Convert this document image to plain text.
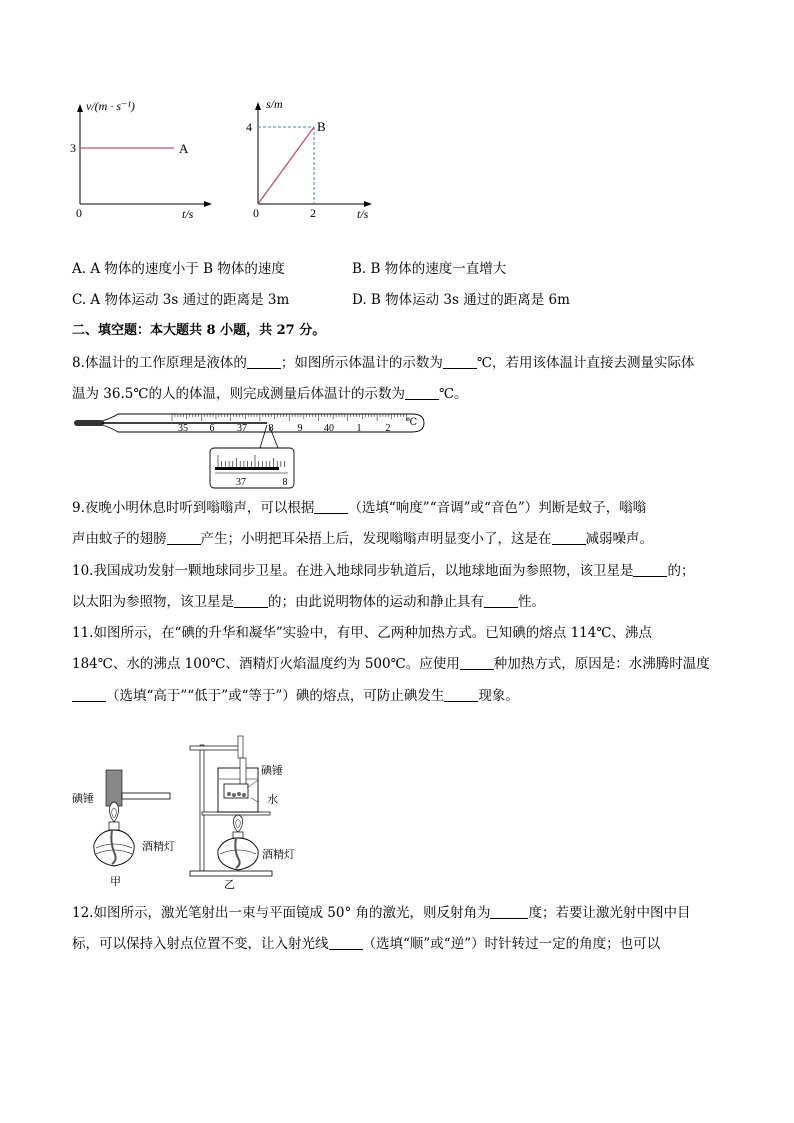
v/(m · s⁻¹)
3	A
0	t/s
s/m
4	B
0	2	t/s
A. A 物体的速度小于 B 物体的速度	B. B 物体的速度一直增大
C. A 物体运动 3s 通过的距离是 3m	D. B 物体运动 3s 通过的距离是 6m
二、填空题：本大题共 8 小题，共 27 分。
8.体温计的工作原理是液体的	；如图所示体温计的示数为	℃，若用该体温计直接去测量实际体
温为 36.5℃的人的体温，则完成测量后体温计的示数为	℃。
35 6 37 8 9 40 1 2
℃
37	8
9.夜晚小明休息时听到嗡嗡声，可以根据	（选填“响度”“音调”或“音色”）判断是蚊子，嗡嗡
声由蚊子的翅膀	产生；小明把耳朵捂上后，发现嗡嗡声明显变小了，这是在	减弱噪声。
10.我国成功发射一颗地球同步卫星。在进入地球同步轨道后，以地球地面为参照物，该卫星是	的；
以太阳为参照物，该卫星是	的；由此说明物体的运动和静止具有	性。
11.如图所示，在“碘的升华和凝华”实验中，有甲、乙两种加热方式。已知碘的熔点 114℃、沸点
184℃、水的沸点 100℃、酒精灯火焰温度约为 500℃。应使用	种加热方式，原因是：水沸腾时温度
（选填“高于”“低于”或“等于”）碘的熔点，可防止碘发生	现象。
碘锤
酒精灯
甲
碘锤
水
酒精灯
乙
12.如图所示，激光笔射出一束与平面镜成 50° 角的激光，则反射角为	度；若要让激光射中图中目
标，可以保持入射点位置不变，让入射光线	（选填“顺”或“逆”）时针转过一定的角度；也可以
